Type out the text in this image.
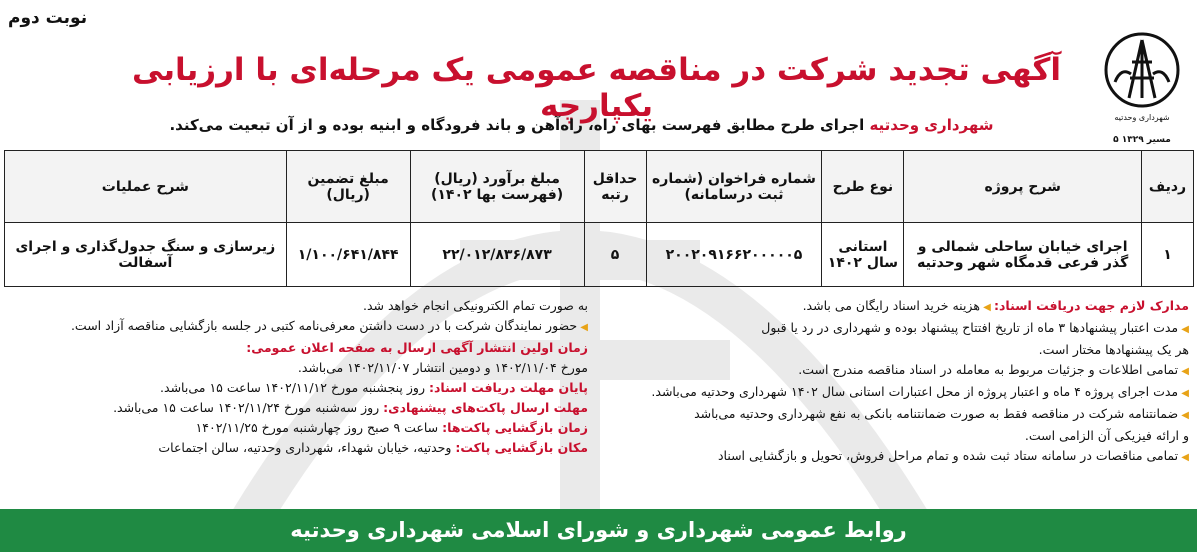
شهرداری وحدتیه
۵ مسیر ۱۳۲۹
نوبت دوم
آگهی تجدید شرکت در مناقصه عمومی یک مرحله‌ای با ارزیابی یکپارچه
شهرداری وحدتیه اجرای طرح مطابق فهرست بهای راه، راه‌آهن و باند فرودگاه و ابنیه بوده و از آن تبعیت می‌کند.
ردیف	شرح پروژه	نوع طرح	شماره فراخوان (شماره ثبت درسامانه)	حداقل رتبه	مبلغ برآورد (ریال) (فهرست بها ۱۴۰۲)	مبلغ تضمین (ریال)	شرح عملیات
۱	اجرای خیابان ساحلی شمالی و گذر فرعی قدمگاه شهر وحدتیه	استانی سال ۱۴۰۲	۲۰۰۲۰۹۱۶۶۲۰۰۰۰۰۵	۵	۲۲/۰۱۲/۸۳۶/۸۷۳	۱/۱۰۰/۶۴۱/۸۴۴	زیرسازی و سنگ جدول‌گذاری و اجرای آسفالت

مدارک لازم جهت دریافت اسناد: ◀ هزینه خرید اسناد رایگان می باشد.

◀ مدت اعتبار پیشنهادها ۳ ماه از تاریخ افتتاح پیشنهاد بوده و شهرداری در رد یا قبول

هر یک پیشنهادها مختار است.

◀ تمامی اطلاعات و جزئیات مربوط به معامله در اسناد مناقصه مندرج است.

◀ مدت اجرای پروژه ۴ ماه و اعتبار پروژه از محل اعتبارات استانی سال ۱۴۰۲ شهرداری وحدتیه می‌باشد.

◀ ضمانتنامه شرکت در مناقصه فقط به صورت ضمانتنامه بانکی به نفع شهرداری وحدتیه می‌باشد

و ارائه فیزیکی آن الزامی است.

◀ تمامی مناقصات در سامانه ستاد ثبت شده و تمام مراحل فروش، تحویل و بازگشایی اسناد

به صورت تمام الکترونیکی انجام خواهد شد.

◀ حضور نمایندگان شرکت با در دست داشتن معرفی‌نامه کتبی در جلسه بازگشایی مناقصه آزاد است.

زمان اولین انتشار آگهی ارسال به صفحه اعلان عمومی:

مورخ ۱۴۰۲/۱۱/۰۴ و دومین انتشار ۱۴۰۲/۱۱/۰۷ می‌باشد.

پایان مهلت دریافت اسناد: روز پنجشنبه مورخ ۱۴۰۲/۱۱/۱۲ ساعت ۱۵ می‌باشد.

مهلت ارسال پاکت‌های پیشنهادی: روز سه‌شنبه مورخ ۱۴۰۲/۱۱/۲۴ ساعت ۱۵ می‌باشد.

زمان بازگشایی پاکت‌ها: ساعت ۹ صبح روز چهارشنبه مورخ ۱۴۰۲/۱۱/۲۵

مکان بازگشایی پاکت: وحدتیه، خیابان شهداء، شهرداری وحدتیه، سالن اجتماعات

روابط عمومی شهرداری و شورای اسلامی شهرداری وحدتیه
